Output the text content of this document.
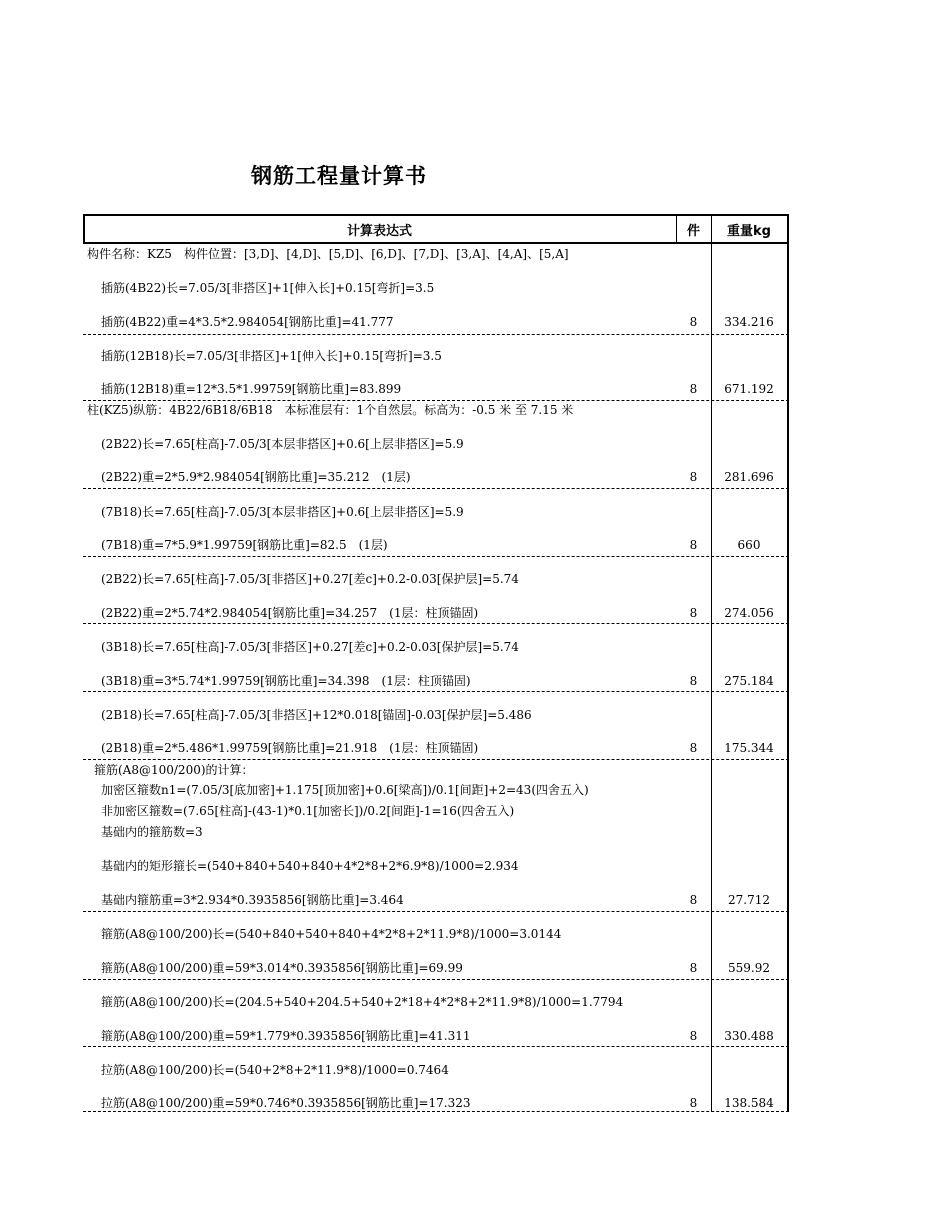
钢筋工程量计算书
计算表达式	件	重量kg
构件名称：KZ5　构件位置：[3,D]、[4,D]、[5,D]、[6,D]、[7,D]、[3,A]、[4,A]、[5,A]
插筋(4B22)长=7.05/3[非搭区]+1[伸入长]+0.15[弯折]=3.5
插筋(4B22)重=4*3.5*2.984054[钢筋比重]=41.777	8	334.216
插筋(12B18)长=7.05/3[非搭区]+1[伸入长]+0.15[弯折]=3.5
插筋(12B18)重=12*3.5*1.99759[钢筋比重]=83.899	8	671.192
柱(KZ5)纵筋：4B22/6B18/6B18　本标准层有：1个自然层。标高为：-0.5 米 至 7.15 米
(2B22)长=7.65[柱高]-7.05/3[本层非搭区]+0.6[上层非搭区]=5.9
(2B22)重=2*5.9*2.984054[钢筋比重]=35.212　(1层)	8	281.696
(7B18)长=7.65[柱高]-7.05/3[本层非搭区]+0.6[上层非搭区]=5.9
(7B18)重=7*5.9*1.99759[钢筋比重]=82.5　(1层)	8	660
(2B22)长=7.65[柱高]-7.05/3[非搭区]+0.27[差c]+0.2-0.03[保护层]=5.74
(2B22)重=2*5.74*2.984054[钢筋比重]=34.257　(1层：柱顶锚固)	8	274.056
(3B18)长=7.65[柱高]-7.05/3[非搭区]+0.27[差c]+0.2-0.03[保护层]=5.74
(3B18)重=3*5.74*1.99759[钢筋比重]=34.398　(1层：柱顶锚固)	8	275.184
(2B18)长=7.65[柱高]-7.05/3[非搭区]+12*0.018[锚固]-0.03[保护层]=5.486
(2B18)重=2*5.486*1.99759[钢筋比重]=21.918　(1层：柱顶锚固)	8	175.344
箍筋(A8@100/200)的计算：
加密区箍数n1=(7.05/3[底加密]+1.175[顶加密]+0.6[梁高])/0.1[间距]+2=43(四舍五入)
非加密区箍数=(7.65[柱高]-(43-1)*0.1[加密长])/0.2[间距]-1=16(四舍五入)
基础内的箍筋数=3
基础内的矩形箍长=(540+840+540+840+4*2*8+2*6.9*8)/1000=2.934
基础内箍筋重=3*2.934*0.3935856[钢筋比重]=3.464	8	27.712
箍筋(A8@100/200)长=(540+840+540+840+4*2*8+2*11.9*8)/1000=3.0144
箍筋(A8@100/200)重=59*3.014*0.3935856[钢筋比重]=69.99	8	559.92
箍筋(A8@100/200)长=(204.5+540+204.5+540+2*18+4*2*8+2*11.9*8)/1000=1.7794
箍筋(A8@100/200)重=59*1.779*0.3935856[钢筋比重]=41.311	8	330.488
拉筋(A8@100/200)长=(540+2*8+2*11.9*8)/1000=0.7464
拉筋(A8@100/200)重=59*0.746*0.3935856[钢筋比重]=17.323	8	138.584
